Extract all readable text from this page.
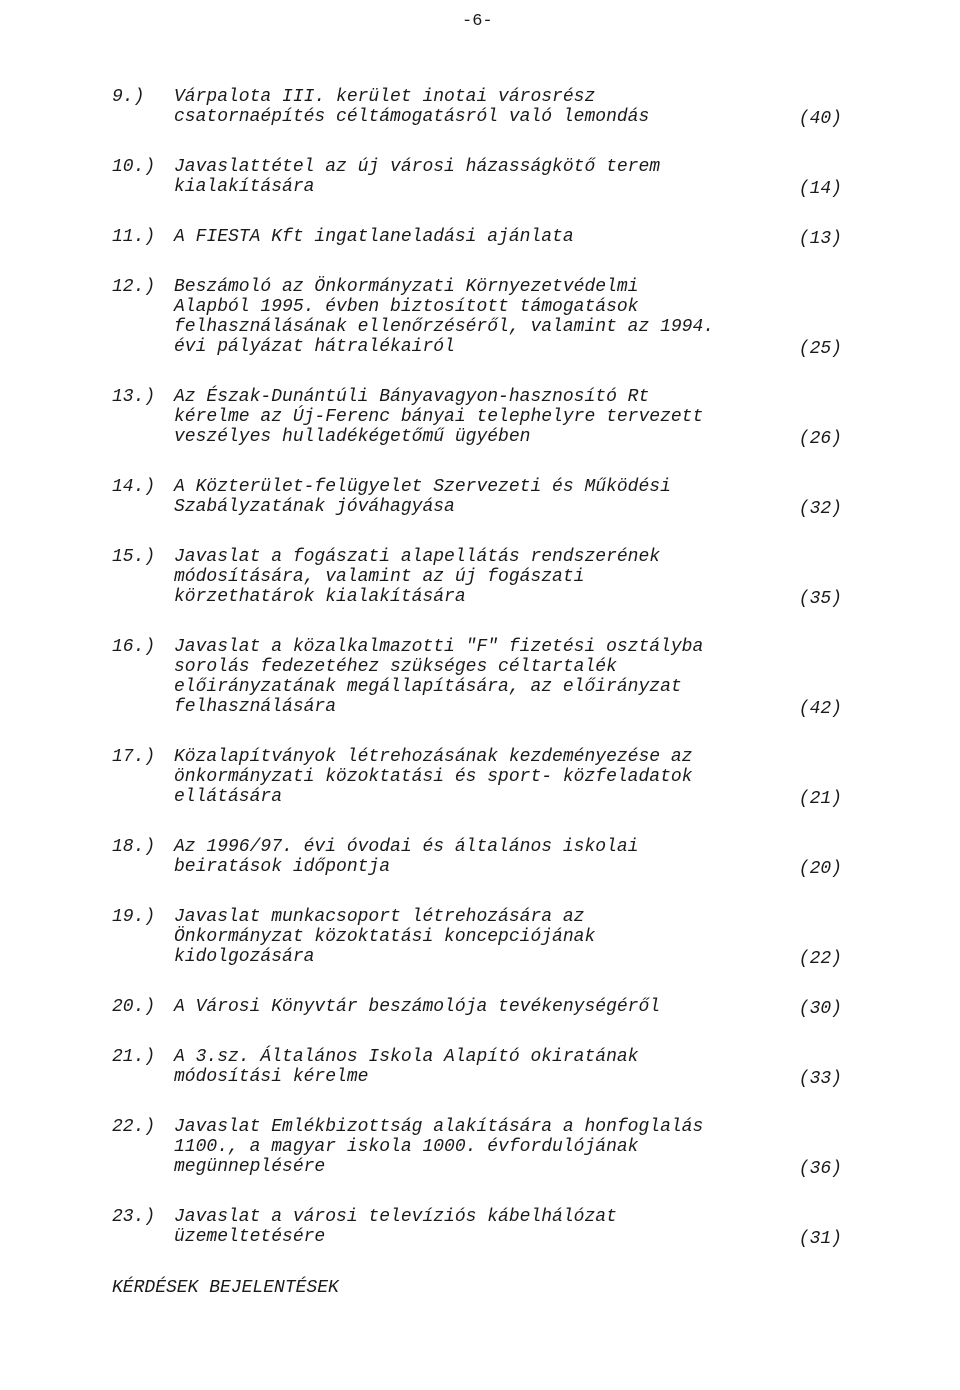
-6-
9.) Várpalota III. kerület inotai városrész
csatornaépítés céltámogatásról való lemondás	(40)
10.) Javaslattétel az új városi házasságkötő terem
kialakítására	(14)
11.) A FIESTA Kft ingatlaneladási ajánlata	(13)
12.) Beszámoló az Önkormányzati Környezetvédelmi
Alapból 1995. évben biztosított támogatások
felhasználásának ellenőrzéséről, valamint az 1994.
évi pályázat hátralékairól	(25)
13.) Az Észak-Dunántúli Bányavagyon-hasznosító Rt
kérelme az Új-Ferenc bányai telephelyre tervezett
veszélyes hulladékégetőmű ügyében	(26)
14.) A Közterület-felügyelet Szervezeti és Működési
Szabályzatának jóváhagyása	(32)
15.) Javaslat a fogászati alapellátás rendszerének
módosítására, valamint az új fogászati
körzethatárok kialakítására	(35)
16.) Javaslat a közalkalmazotti "F" fizetési osztályba
sorolás fedezetéhez szükséges céltartalék
előirányzatának megállapítására, az előirányzat
felhasználására	(42)
17.) Közalapítványok létrehozásának kezdeményezése az
önkormányzati közoktatási és sport- közfeladatok
ellátására	(21)
18.) Az 1996/97. évi óvodai és általános iskolai
beiratások időpontja	(20)
19.) Javaslat munkacsoport létrehozására az
Önkormányzat közoktatási koncepciójának
kidolgozására	(22)
20.) A Városi Könyvtár beszámolója tevékenységéről	(30)
21.) A 3.sz. Általános Iskola Alapító okiratának
módosítási kérelme	(33)
22.) Javaslat Emlékbizottság alakítására a honfoglalás
1100., a magyar iskola 1000. évfordulójának
megünneplésére	(36)
23.) Javaslat a városi televíziós kábelhálózat
üzemeltetésére	(31)
KÉRDÉSEK BEJELENTÉSEK
